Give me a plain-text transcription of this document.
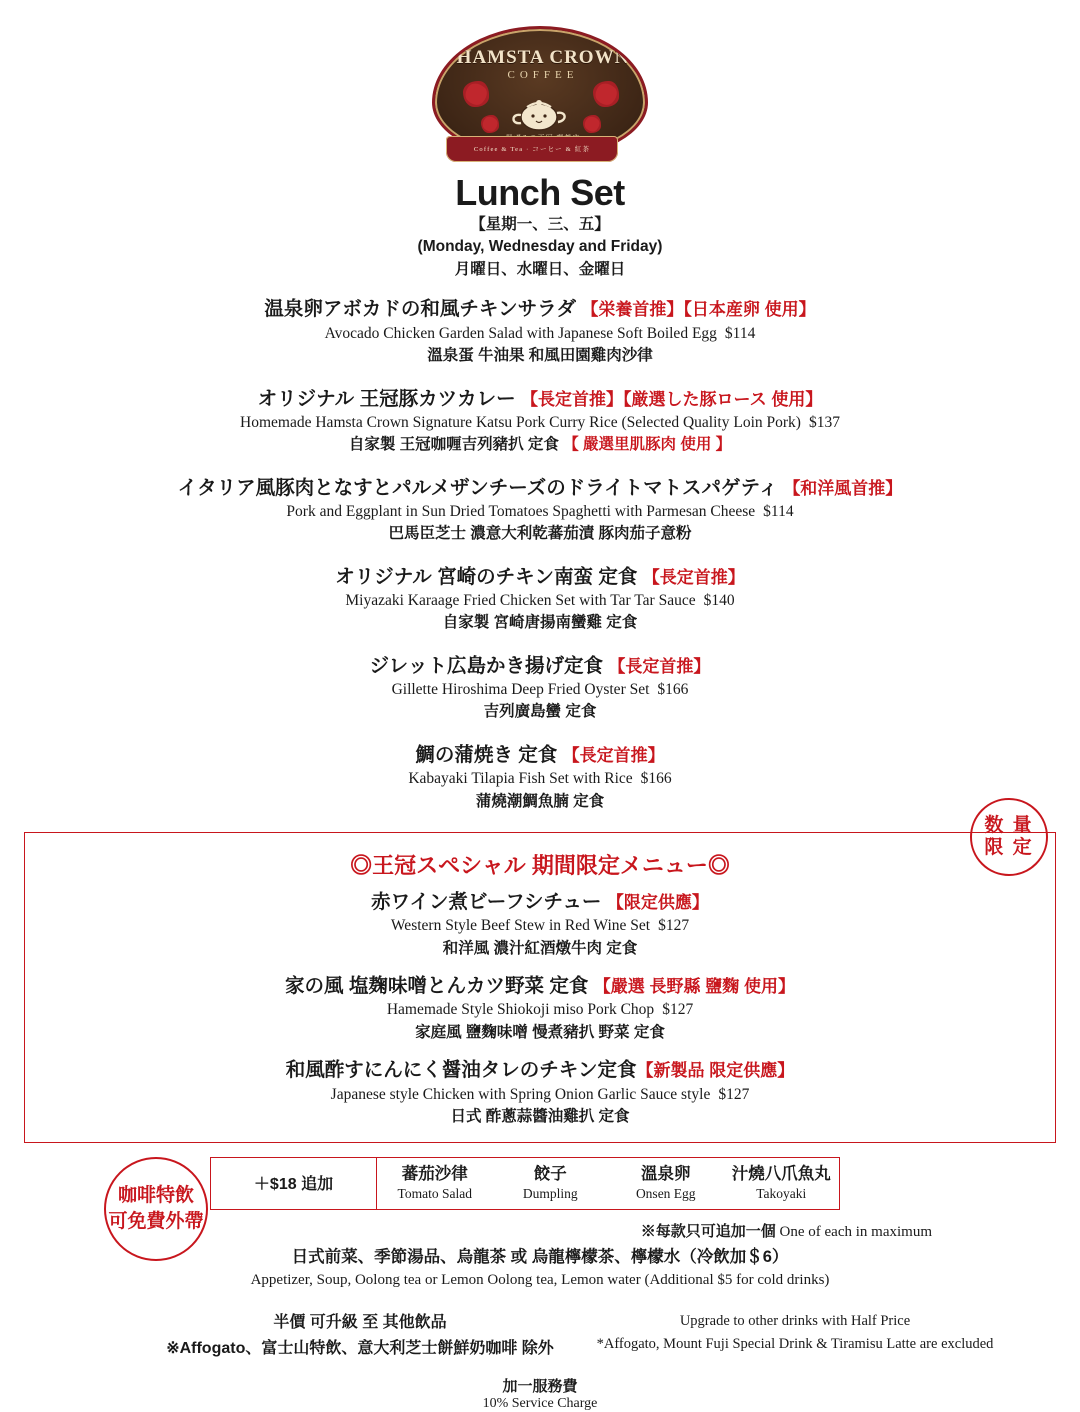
HAMSTA CROWN
COFFEE
Coffee & Tea · コーヒー & 紅茶
Lunch Set
【星期一、三、五】
(Monday, Wednesday and Friday)
月曜日、水曜日、金曜日
温泉卵アボカドの和風チキンサラダ 【栄養首推】【日本産卵 使用】
Avocado Chicken Garden Salad with Japanese Soft Boiled Egg $114
溫泉蛋 牛油果 和風田園雞肉沙律
オリジナル 王冠豚カツカレー 【長定首推】【厳選した豚ロース 使用】
Homemade Hamsta Crown Signature Katsu Pork Curry Rice (Selected Quality Loin Pork) $137
自家製 王冠咖喱吉列豬扒 定食 【 嚴選里肌豚肉 使用 】
イタリア風豚肉となすとパルメザンチーズのドライトマトスパゲティ 【和洋風首推】
Pork and Eggplant in Sun Dried Tomatoes Spaghetti with Parmesan Cheese $114
巴馬臣芝士 濃意大利乾蕃茄漬 豚肉茄子意粉
オリジナル 宮崎のチキン南蛮 定食 【長定首推】
Miyazaki Karaage Fried Chicken Set with Tar Tar Sauce $140
自家製 宮崎唐揚南蠻雞 定食
ジレット広島かき揚げ定食 【長定首推】
Gillette Hiroshima Deep Fried Oyster Set $166
吉列廣島蠻 定食
鯛の蒲焼き 定食 【長定首推】
Kabayaki Tilapia Fish Set with Rice $166
蒲燒潮鯛魚腩 定食
数 量
限 定
◎王冠スペシャル 期間限定メニュー◎
赤ワイン煮ビーフシチュー 【限定供應】
Western Style Beef Stew in Red Wine Set $127
和洋風 濃汁紅酒燉牛肉 定食
家の風 塩麹味噌とんカツ野菜 定食 【嚴選 長野縣 鹽麴 使用】
Hamemade Style Shiokoji miso Pork Chop $127
家庭風 鹽麴味噌 慢煮豬扒 野菜 定食
和風酢すにんにく醤油タレのチキン定食【新製品 限定供應】
Japanese style Chicken with Spring Onion Garlic Sauce style $127
日式 酢蔥蒜醬油雞扒 定食
＋$18 追加
蕃茄沙律
Tomato Salad
餃子
Dumpling
溫泉卵
Onsen Egg
汁燒八爪魚丸
Takoyaki
※每款只可追加一個 One of each in maximum
日式前菜、季節湯品、烏龍茶 或 烏龍檸檬茶、檸檬水（冷飲加＄6）
Appetizer, Soup, Oolong tea or Lemon Oolong tea, Lemon water (Additional $5 for cold drinks)
咖啡特飲
可免費外帶
半價 可升級 至 其他飲品
※Affogato、富士山特飲、意大利芝士餅鮮奶咖啡 除外
Upgrade to other drinks with Half Price
*Affogato, Mount Fuji Special Drink & Tiramisu Latte are excluded
加一服務費
10% Service Charge
